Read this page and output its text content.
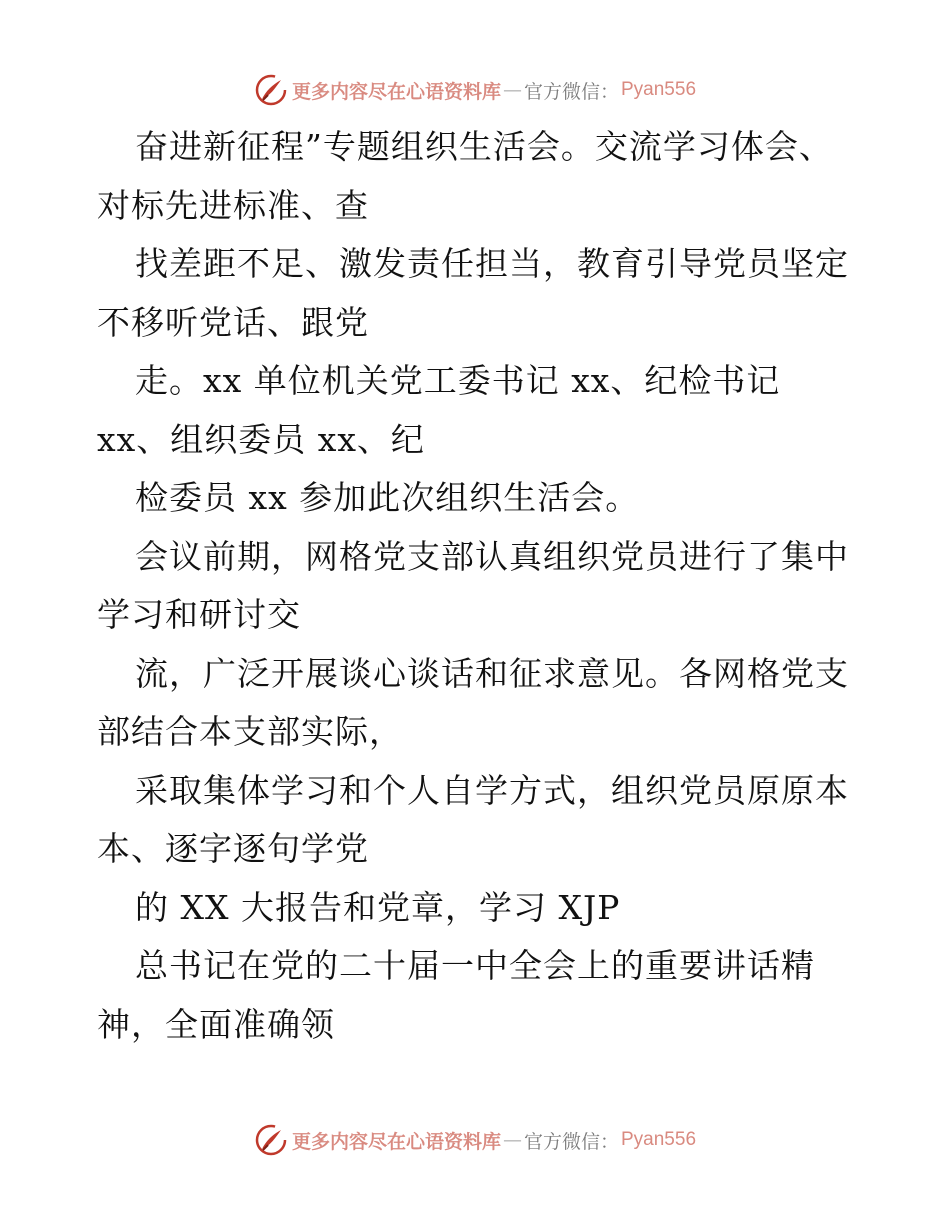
更多内容尽在心语资料库 — 官方微信： Pyan556
奋进新征程”专题组织生活会。交流学习体会、
对标先进标准、查
找差距不足、激发责任担当，教育引导党员坚定
不移听党话、跟党
走。xx 单位机关党工委书记 xx、纪检书记
xx、组织委员 xx、纪
检委员 xx 参加此次组织生活会。
会议前期，网格党支部认真组织党员进行了集中
学习和研讨交
流，广泛开展谈心谈话和征求意见。各网格党支
部结合本支部实际，
采取集体学习和个人自学方式，组织党员原原本
本、逐字逐句学党
的 XX 大报告和党章，学习 XJP
总书记在党的二十届一中全会上的重要讲话精
神，全面准确领
更多内容尽在心语资料库 — 官方微信： Pyan556
